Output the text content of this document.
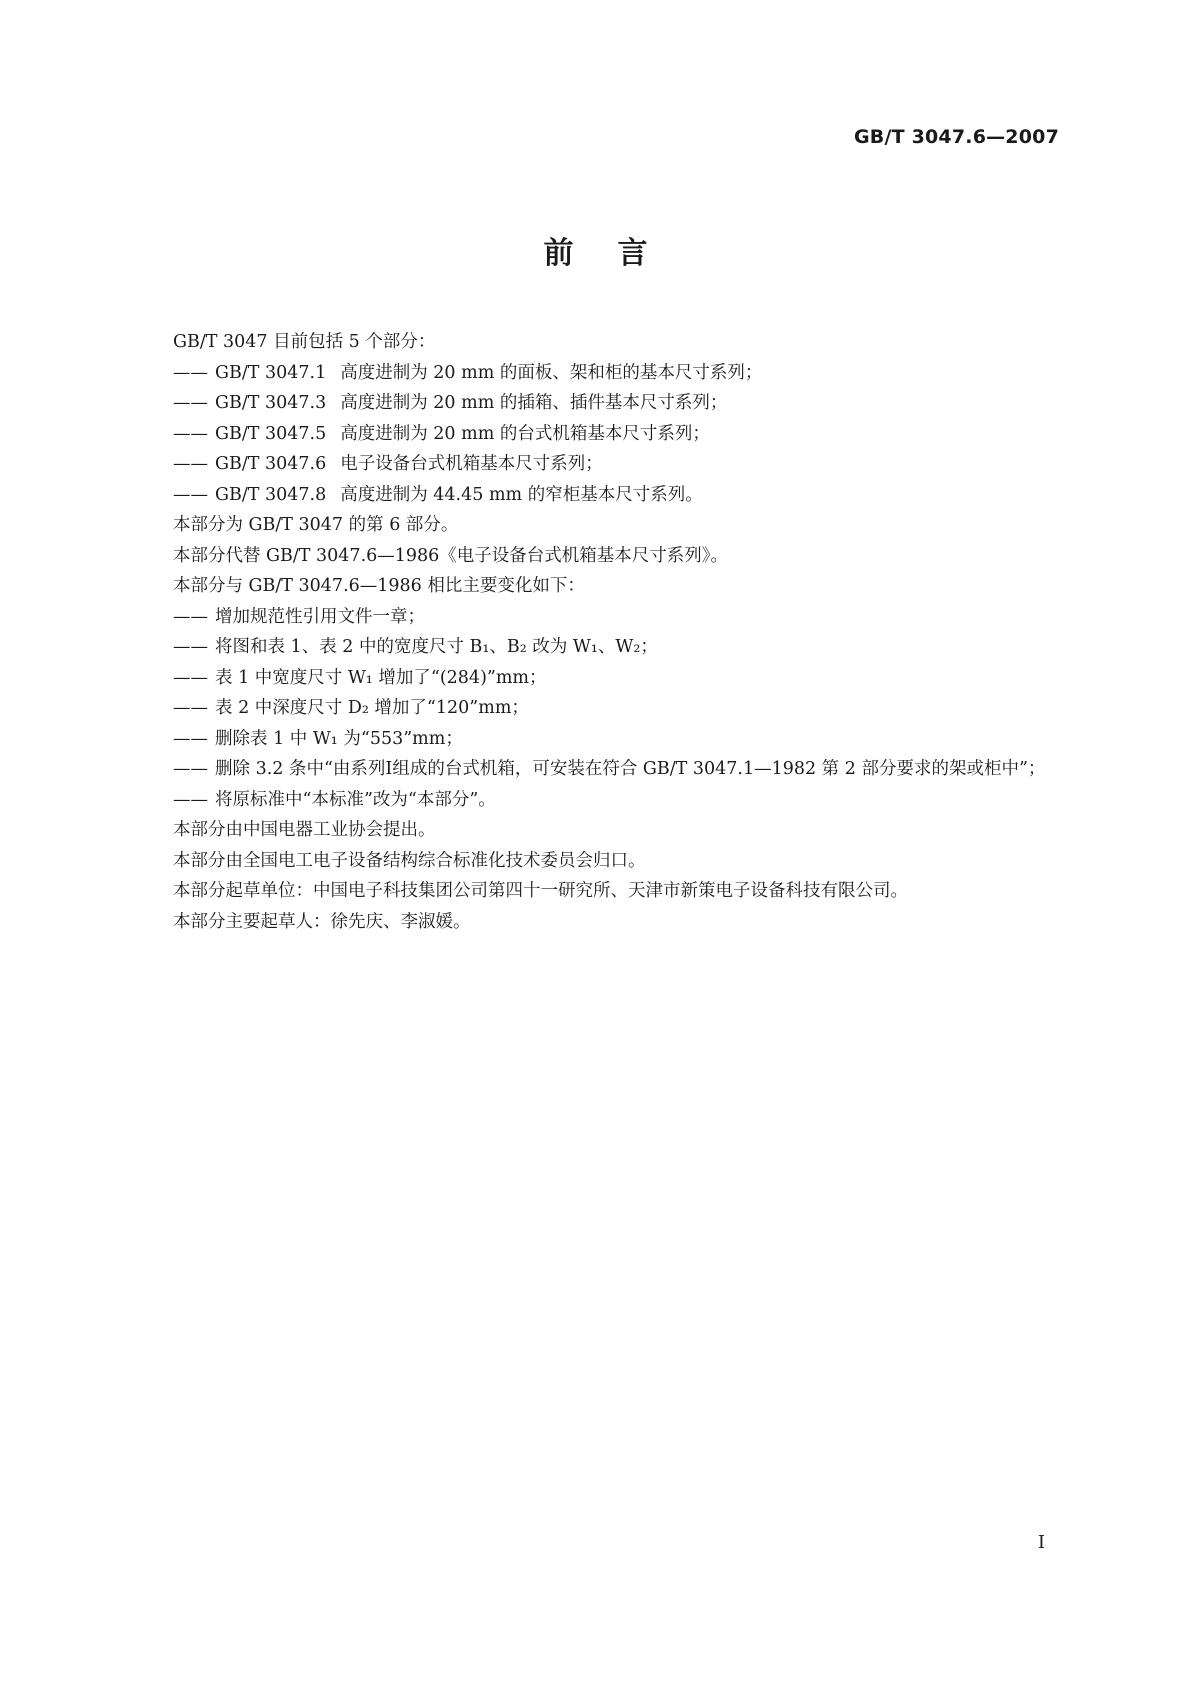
GB/T 3047.6—2007
前言

GB/T 3047 目前包括 5 个部分：

—— GB/T 3047.1 高度进制为 20 mm 的面板、架和柜的基本尺寸系列；

—— GB/T 3047.3 高度进制为 20 mm 的插箱、插件基本尺寸系列；

—— GB/T 3047.5 高度进制为 20 mm 的台式机箱基本尺寸系列；

—— GB/T 3047.6 电子设备台式机箱基本尺寸系列；

—— GB/T 3047.8 高度进制为 44.45 mm 的窄柜基本尺寸系列。

本部分为 GB/T 3047 的第 6 部分。

本部分代替 GB/T 3047.6—1986《电子设备台式机箱基本尺寸系列》。

本部分与 GB/T 3047.6—1986 相比主要变化如下：

—— 增加规范性引用文件一章；

—— 将图和表 1、表 2 中的宽度尺寸 B₁、B₂ 改为 W₁、W₂；

—— 表 1 中宽度尺寸 W₁ 增加了“(284)”mm；

—— 表 2 中深度尺寸 D₂ 增加了“120”mm；

—— 删除表 1 中 W₁ 为“553”mm；

—— 删除 3.2 条中“由系列Ⅰ组成的台式机箱，可安装在符合 GB/T 3047.1—1982 第 2 部分要求的架或柜中”；

—— 将原标准中“本标准”改为“本部分”。

本部分由中国电器工业协会提出。

本部分由全国电工电子设备结构综合标准化技术委员会归口。

本部分起草单位：中国电子科技集团公司第四十一研究所、天津市新策电子设备科技有限公司。

本部分主要起草人：徐先庆、李淑媛。

I
